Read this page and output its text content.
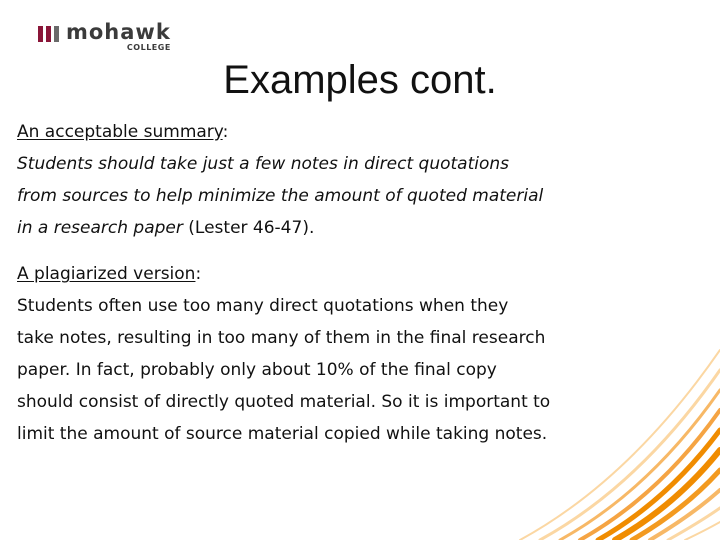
mohawk
COLLEGE
Examples cont.

An acceptable summary:

Students should take just a few notes in direct quotations

from sources to help minimize the amount of quoted material

in a research paper (Lester 46-47).

A plagiarized version:

Students often use too many direct quotations when they

take notes, resulting in too many of them in the final research

paper. In fact, probably only about 10% of the final copy

should consist of directly quoted material. So it is important to

limit the amount of source material copied while taking notes.
